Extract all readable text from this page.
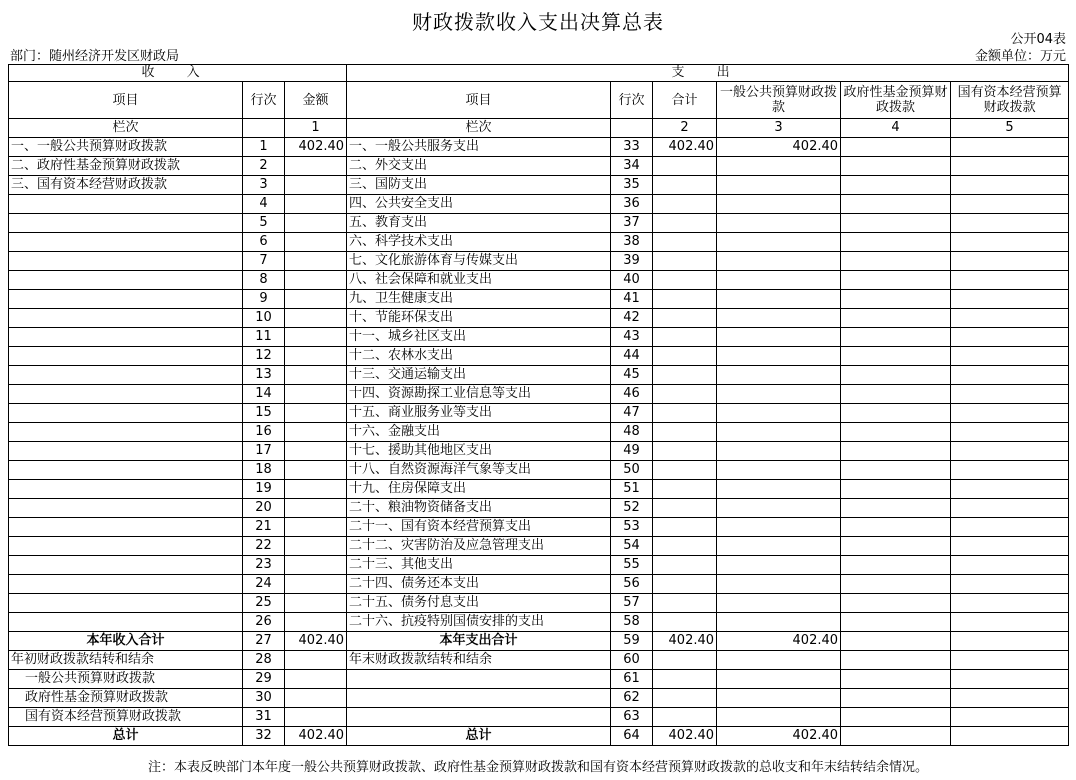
财政拨款收入支出决算总表
公开04表
部门：随州经济开发区财政局	金额单位：万元
收 入			支 出					
项目	行次	金额	项目	行次	合计	一般公共预算财政拨款	政府性基金预算财政拨款	国有资本经营预算财政拨款
栏次		1	栏次		2	3	4	5
一、一般公共预算财政拨款	1	402.40	一、一般公共服务支出	33	402.40	402.40		
二、政府性基金预算财政拨款	2		二、外交支出	34				
三、国有资本经营财政拨款	3		三、国防支出	35				
	4		四、公共安全支出	36				
	5		五、教育支出	37				
	6		六、科学技术支出	38				
	7		七、文化旅游体育与传媒支出	39				
	8		八、社会保障和就业支出	40				
	9		九、卫生健康支出	41				
	10		十、节能环保支出	42				
	11		十一、城乡社区支出	43				
	12		十二、农林水支出	44				
	13		十三、交通运输支出	45				
	14		十四、资源勘探工业信息等支出	46				
	15		十五、商业服务业等支出	47				
	16		十六、金融支出	48				
	17		十七、援助其他地区支出	49				
	18		十八、自然资源海洋气象等支出	50				
	19		十九、住房保障支出	51				
	20		二十、粮油物资储备支出	52				
	21		二十一、国有资本经营预算支出	53				
	22		二十二、灾害防治及应急管理支出	54				
	23		二十三、其他支出	55				
	24		二十四、债务还本支出	56				
	25		二十五、债务付息支出	57				
	26		二十六、抗疫特别国债安排的支出	58				
本年收入合计	27	402.40	本年支出合计	59	402.40	402.40		
年初财政拨款结转和结余	28		年末财政拨款结转和结余	60				
一般公共预算财政拨款	29			61				
政府性基金预算财政拨款	30			62				
国有资本经营预算财政拨款	31			63				
总计	32	402.40	总计	64	402.40	402.40		
注：本表反映部门本年度一般公共预算财政拨款、政府性基金预算财政拨款和国有资本经营预算财政拨款的总收支和年末结转结余情况。
